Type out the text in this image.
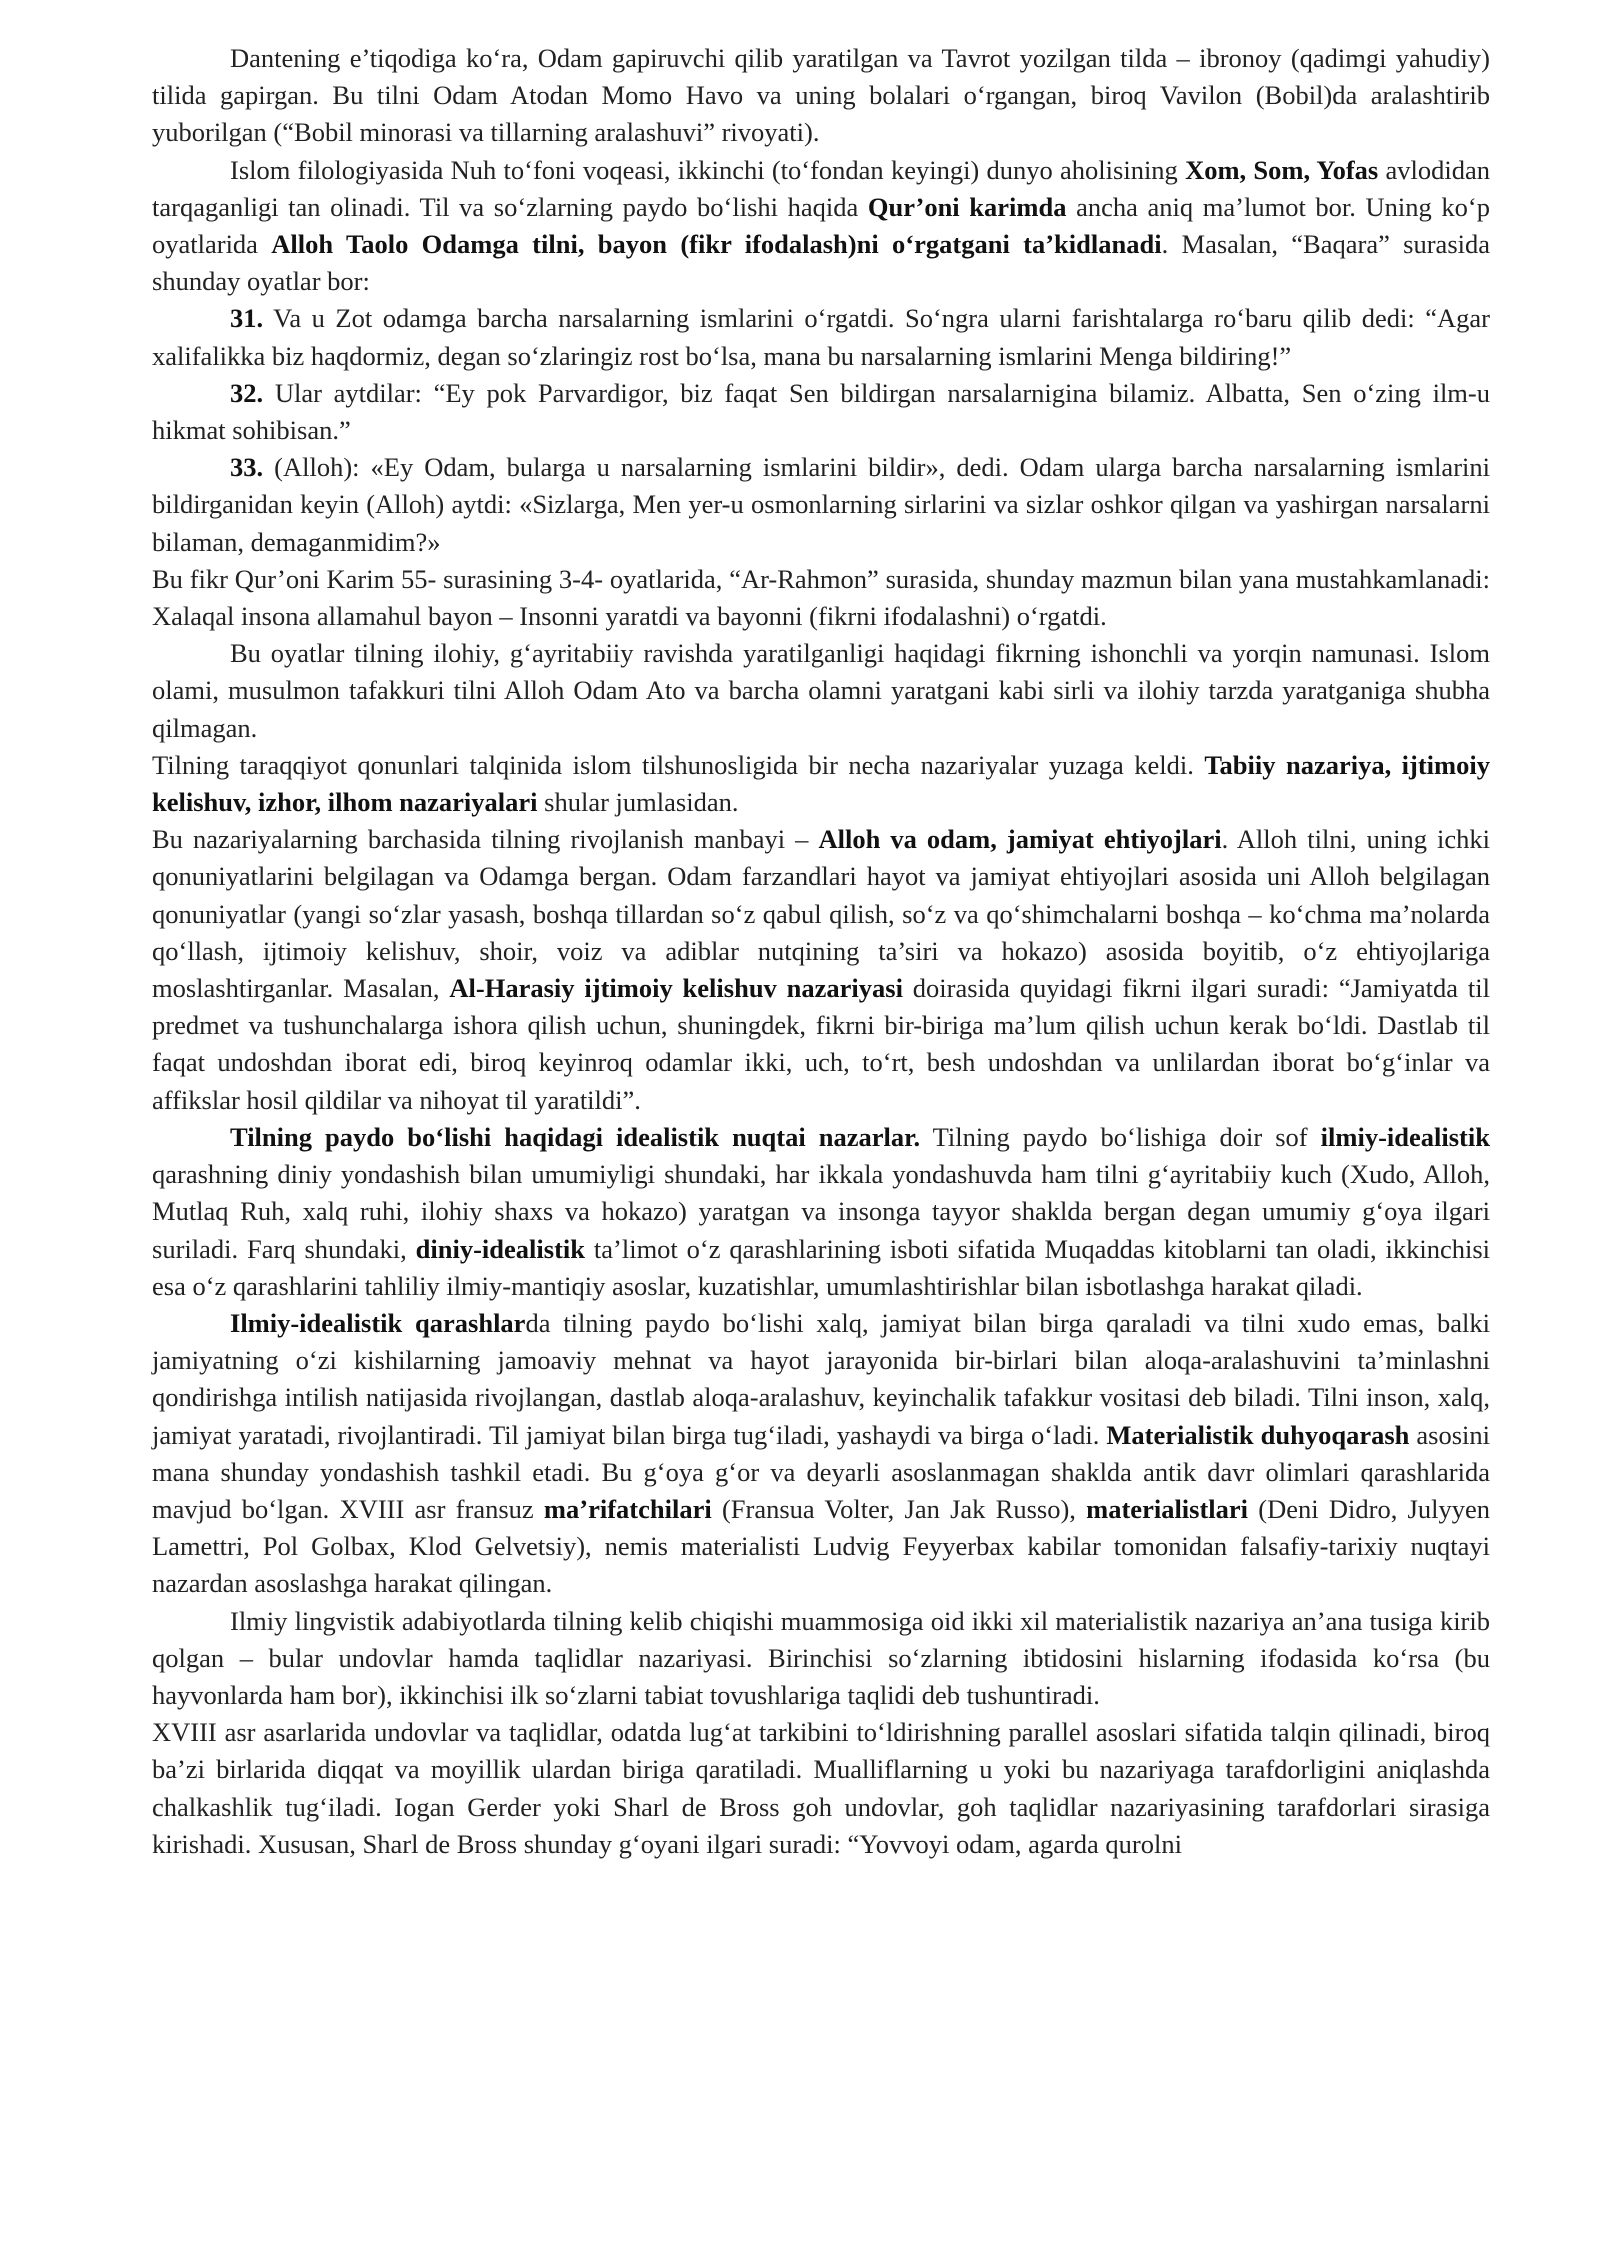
Dantening e’tiqodiga ko‘ra, Odam gapiruvchi qilib yaratilgan va Tavrot yozilgan tilda – ibronoy (qadimgi yahudiy) tilida gapirgan. Bu tilni Odam Atodan Momo Havo va uning bolalari o‘rgangan, biroq Vavilon (Bobil)da aralashtirib yuborilgan (“Bobil minorasi va tillarning aralashuvi” rivoyati).

Islom filologiyasida Nuh to‘foni voqeasi, ikkinchi (to‘fondan keyingi) dunyo aholisining Xom, Som, Yofas avlodidan tarqaganligi tan olinadi. Til va so‘zlarning paydo bo‘lishi haqida Qur’oni karimda ancha aniq ma’lumot bor. Uning ko‘p oyatlarida Alloh Taolo Odamga tilni, bayon (fikr ifodalash)ni o‘rgatgani ta’kidlanadi. Masalan, “Baqara” surasida shunday oyatlar bor:

31. Va u Zot odamga barcha narsalarning ismlarini o‘rgatdi. So‘ngra ularni farishtalarga ro‘baru qilib dedi: “Agar xalifalikka biz haqdormiz, degan so‘zlaringiz rost bo‘lsa, mana bu narsalarning ismlarini Menga bildiring!”

32. Ular aytdilar: “Ey pok Parvardigor, biz faqat Sen bildirgan narsalarnigina bilamiz. Albatta, Sen o‘zing ilm-u hikmat sohibisan.”

33. (Alloh): «Ey Odam, bularga u narsalarning ismlarini bildir», dedi. Odam ularga barcha narsalarning ismlarini bildirganidan keyin (Alloh) aytdi: «Sizlarga, Men yer-u osmonlarning sirlarini va sizlar oshkor qilgan va yashirgan narsalarni bilaman, demaganmidim?»

Bu fikr Qur’oni Karim 55- surasining 3-4- oyatlarida, “Ar-Rahmon” surasida, shunday mazmun bilan yana mustahkamlanadi: Xalaqal insona allamahul bayon – Insonni yaratdi va bayonni (fikrni ifodalashni) o‘rgatdi.

Bu oyatlar tilning ilohiy, g‘ayritabiiy ravishda yaratilganligi haqidagi fikrning ishonchli va yorqin namunasi. Islom olami, musulmon tafakkuri tilni Alloh Odam Ato va barcha olamni yaratgani kabi sirli va ilohiy tarzda yaratganiga shubha qilmagan.

Tilning taraqqiyot qonunlari talqinida islom tilshunosligida bir necha nazariyalar yuzaga keldi. Tabiiy nazariya, ijtimoiy kelishuv, izhor, ilhom nazariyalari shular jumlasidan.

Bu nazariyalarning barchasida tilning rivojlanish manbayi – Alloh va odam, jamiyat ehtiyojlari. Alloh tilni, uning ichki qonuniyatlarini belgilagan va Odamga bergan. Odam farzandlari hayot va jamiyat ehtiyojlari asosida uni Alloh belgilagan qonuniyatlar (yangi so‘zlar yasash, boshqa tillardan so‘z qabul qilish, so‘z va qo‘shimchalarni boshqa – ko‘chma ma’nolarda qo‘llash, ijtimoiy kelishuv, shoir, voiz va adiblar nutqining ta’siri va hokazo) asosida boyitib, o‘z ehtiyojlariga moslashtirganlar. Masalan, Al-Harasiy ijtimoiy kelishuv nazariyasi doirasida quyidagi fikrni ilgari suradi: “Jamiyatda til predmet va tushunchalarga ishora qilish uchun, shuningdek, fikrni bir-biriga ma’lum qilish uchun kerak bo‘ldi. Dastlab til faqat undoshdan iborat edi, biroq keyinroq odamlar ikki, uch, to‘rt, besh undoshdan va unlilardan iborat bo‘g‘inlar va affikslar hosil qildilar va nihoyat til yaratildi”.

Tilning paydo bo‘lishi haqidagi idealistik nuqtai nazarlar. Tilning paydo bo‘lishiga doir sof ilmiy-idealistik qarashning diniy yondashish bilan umumiyligi shundaki, har ikkala yondashuvda ham tilni g‘ayritabiiy kuch (Xudo, Alloh, Mutlaq Ruh, xalq ruhi, ilohiy shaxs va hokazo) yaratgan va insonga tayyor shaklda bergan degan umumiy g‘oya ilgari suriladi. Farq shundaki, diniy-idealistik ta’limot o‘z qarashlarining isboti sifatida Muqaddas kitoblarni tan oladi, ikkinchisi esa o‘z qarashlarini tahliliy ilmiy-mantiqiy asoslar, kuzatishlar, umumlashtirishlar bilan isbotlashga harakat qiladi.

Ilmiy-idealistik qarashlarda tilning paydo bo‘lishi xalq, jamiyat bilan birga qaraladi va tilni xudo emas, balki jamiyatning o‘zi kishilarning jamoaviy mehnat va hayot jarayonida bir-birlari bilan aloqa-aralashuvini ta’minlashni qondirishga intilish natijasida rivojlangan, dastlab aloqa-aralashuv, keyinchalik tafakkur vositasi deb biladi. Tilni inson, xalq, jamiyat yaratadi, rivojlantiradi. Til jamiyat bilan birga tug‘iladi, yashaydi va birga o‘ladi. Materialistik duhyoqarash asosini mana shunday yondashish tashkil etadi. Bu g‘oya g‘or va deyarli asoslanmagan shaklda antik davr olimlari qarashlarida mavjud bo‘lgan. XVIII asr fransuz ma’rifatchilari (Fransua Volter, Jan Jak Russo), materialistlari (Deni Didro, Julyyen Lamettri, Pol Golbax, Klod Gelvetsiy), nemis materialisti Ludvig Feyyerbax kabilar tomonidan falsafiy-tarixiy nuqtayi nazardan asoslashga harakat qilingan.

Ilmiy lingvistik adabiyotlarda tilning kelib chiqishi muammosiga oid ikki xil materialistik nazariya an’ana tusiga kirib qolgan – bular undovlar hamda taqlidlar nazariyasi. Birinchisi so‘zlarning ibtidosini hislarning ifodasida ko‘rsa (bu hayvonlarda ham bor), ikkinchisi ilk so‘zlarni tabiat tovushlariga taqlidi deb tushuntiradi.

XVIII asr asarlarida undovlar va taqlidlar, odatda lug‘at tarkibini to‘ldirishning parallel asoslari sifatida talqin qilinadi, biroq ba’zi birlarida diqqat va moyillik ulardan biriga qaratiladi. Mualliflarning u yoki bu nazariyaga tarafdorligini aniqlashda chalkashlik tug‘iladi. Iogan Gerder yoki Sharl de Bross goh undovlar, goh taqlidlar nazariyasining tarafdorlari sirasiga kirishadi. Xususan, Sharl de Bross shunday g‘oyani ilgari suradi: “Yovvoyi odam, agarda qurolni
